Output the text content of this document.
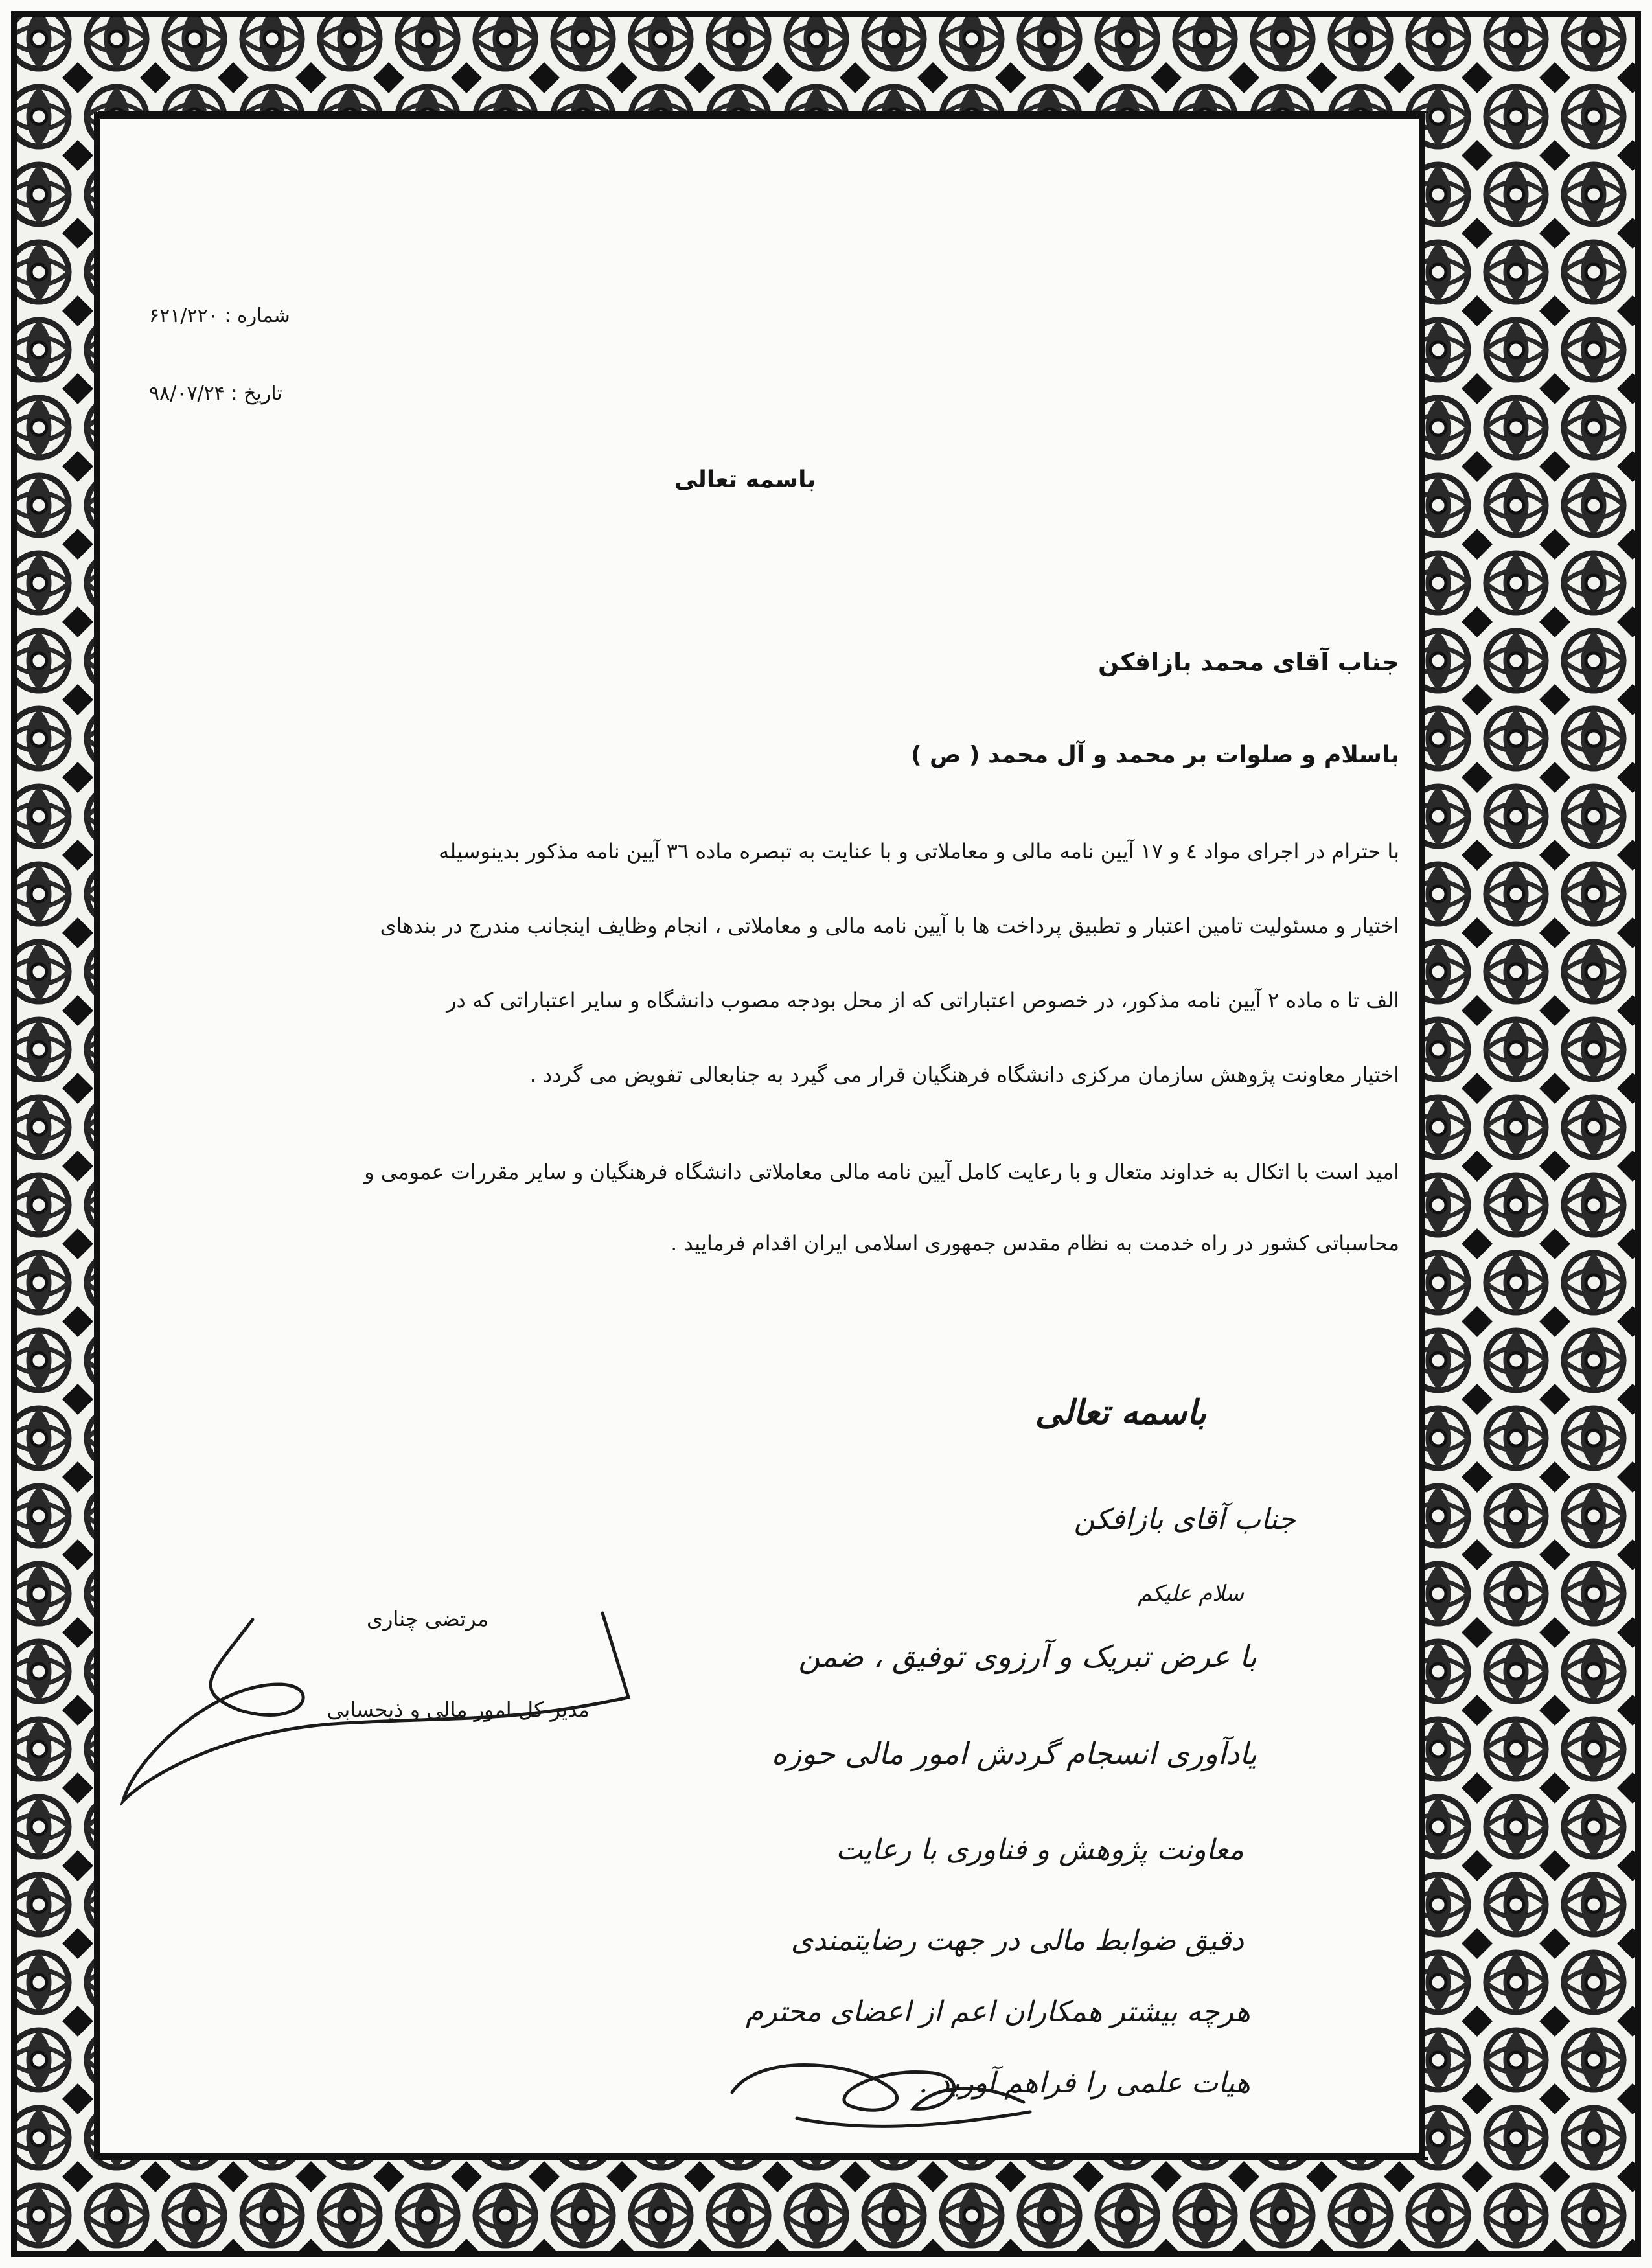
شماره : ۶۲۱/۲۲۰
تاریخ : ۹۸/۰۷/۲۴
باسمه تعالی
جناب آقای محمد بازافکن
باسلام و صلوات بر محمد و آل محمد ( ص )
با حترام در اجرای مواد ٤ و ١٧ آیین نامه مالی و معاملاتی و با عنایت به تبصره ماده ٣٦ آیین نامه مذکور بدینوسیله
اختیار و مسئولیت تامین اعتبار و تطبیق پرداخت ها با آیین نامه مالی و معاملاتی ، انجام وظایف اینجانب مندرج در بندهای
الف تا ه ماده ٢ آیین نامه مذکور، در خصوص اعتباراتی که از محل بودجه مصوب دانشگاه و سایر اعتباراتی که در
اختیار معاونت پژوهش سازمان مرکزی دانشگاه فرهنگیان قرار می گیرد به جنابعالی تفویض می گردد .
امید است با اتکال به خداوند متعال و با رعایت کامل آیین نامه مالی معاملاتی دانشگاه فرهنگیان و سایر مقررات عمومی و
محاسباتی کشور در راه خدمت به نظام مقدس جمهوری اسلامی ایران اقدام فرمایید .
مرتضی چناری
مدیر کل امور مالی و ذیحسابی
باسمه تعالی
جناب آقای بازافکن
سلام علیکم
با عرض تبریک و آرزوی توفیق ، ضمن
یادآوری انسجام گردش امور مالی حوزه
معاونت پژوهش و فناوری با رعایت
دقیق ضوابط مالی در جهت رضایتمندی
هرچه بیشتر همکاران اعم از اعضای محترم
هیات علمی را فراهم آورید .
